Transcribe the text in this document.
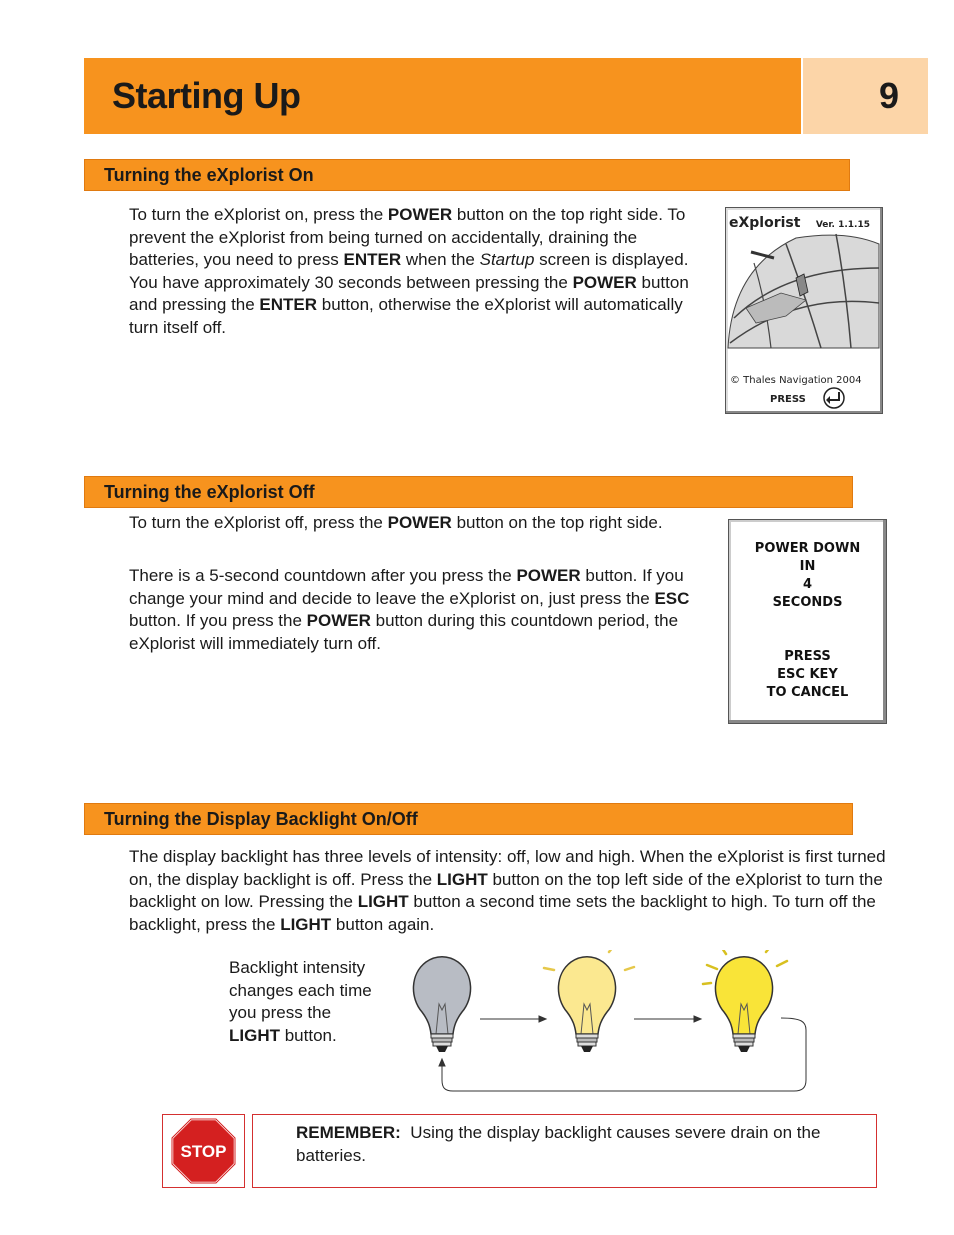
Starting Up	9
Turning the eXplorist On

To turn the eXplorist on, press the POWER button on the top right side. To prevent the eXplorist from being turned on accidentally, draining the batteries, you need to press ENTER when the Startup screen is displayed. You have approximately 30 seconds between pressing the POWER button and pressing the ENTER button, otherwise the eXplorist will automatically turn itself off.

eXplorist Ver. 1.1.15
© Thales Navigation 2004
PRESS
Turning the eXplorist Off

To turn the eXplorist off, press the POWER button on the top right side.

There is a 5-second countdown after you press the POWER button. If you change your mind and decide to leave the eXplorist on, just press the ESC button. If you press the POWER button during this countdown period, the eXplorist will immediately turn off.

POWER DOWN
IN
4
SECONDS
PRESS
ESC KEY
TO CANCEL
Turning the Display Backlight On/Off

The display backlight has three levels of intensity: off, low and high. When the eXplorist is first turned on, the display backlight is off. Press the LIGHT button on the top left side of the eXplorist to turn the backlight on low. Pressing the LIGHT button a second time sets the backlight to high. To turn off the backlight, press the LIGHT button again.

Backlight intensity changes each time you press the LIGHT button.

STOP

REMEMBER:  Using the display backlight causes severe drain on the batteries.
